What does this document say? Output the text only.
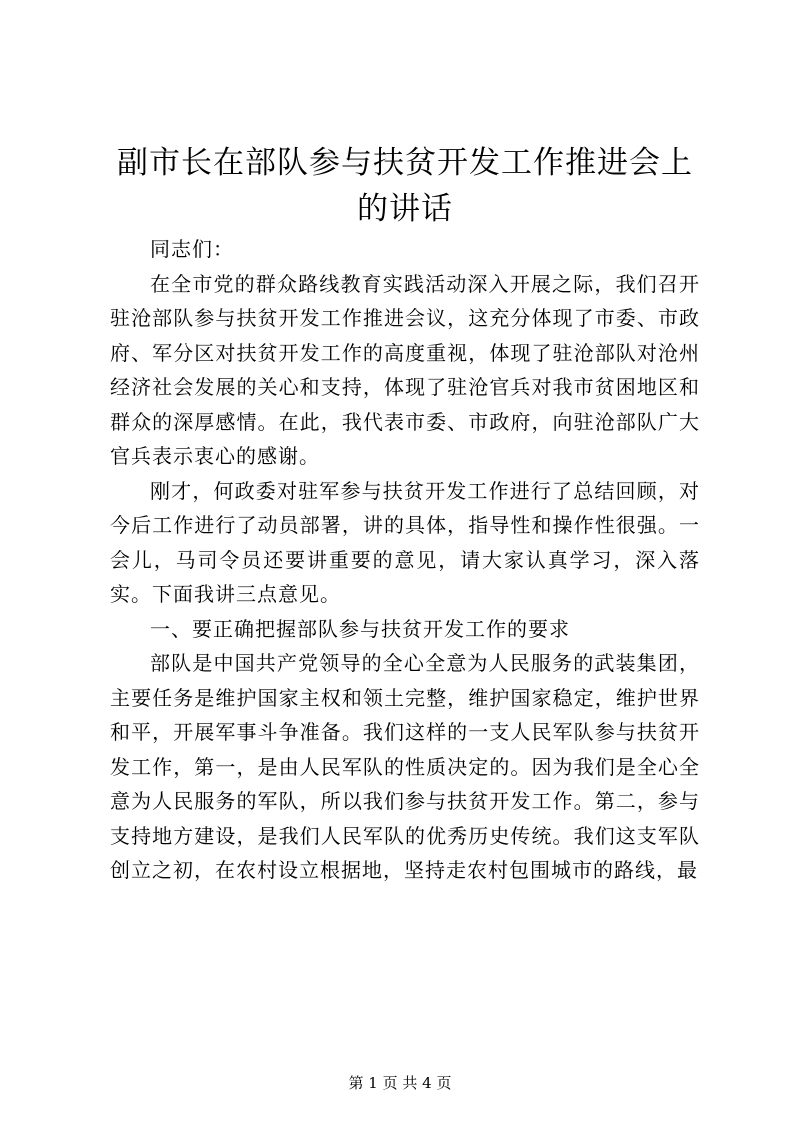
副市长在部队参与扶贫开发工作推进会上的讲话

同志们：

在全市党的群众路线教育实践活动深入开展之际，我们召开驻沧部队参与扶贫开发工作推进会议，这充分体现了市委、市政府、军分区对扶贫开发工作的高度重视，体现了驻沧部队对沧州经济社会发展的关心和支持，体现了驻沧官兵对我市贫困地区和群众的深厚感情。在此，我代表市委、市政府，向驻沧部队广大官兵表示衷心的感谢。

刚才，何政委对驻军参与扶贫开发工作进行了总结回顾，对今后工作进行了动员部署，讲的具体，指导性和操作性很强。一会儿，马司令员还要讲重要的意见，请大家认真学习，深入落实。下面我讲三点意见。

一、要正确把握部队参与扶贫开发工作的要求

部队是中国共产党领导的全心全意为人民服务的武装集团，主要任务是维护国家主权和领土完整，维护国家稳定，维护世界和平，开展军事斗争准备。我们这样的一支人民军队参与扶贫开发工作，第一，是由人民军队的性质决定的。因为我们是全心全意为人民服务的军队，所以我们参与扶贫开发工作。第二，参与支持地方建设，是我们人民军队的优秀历史传统。我们这支军队创立之初，在农村设立根据地，坚持走农村包围城市的路线，最

第 1 页 共 4 页
